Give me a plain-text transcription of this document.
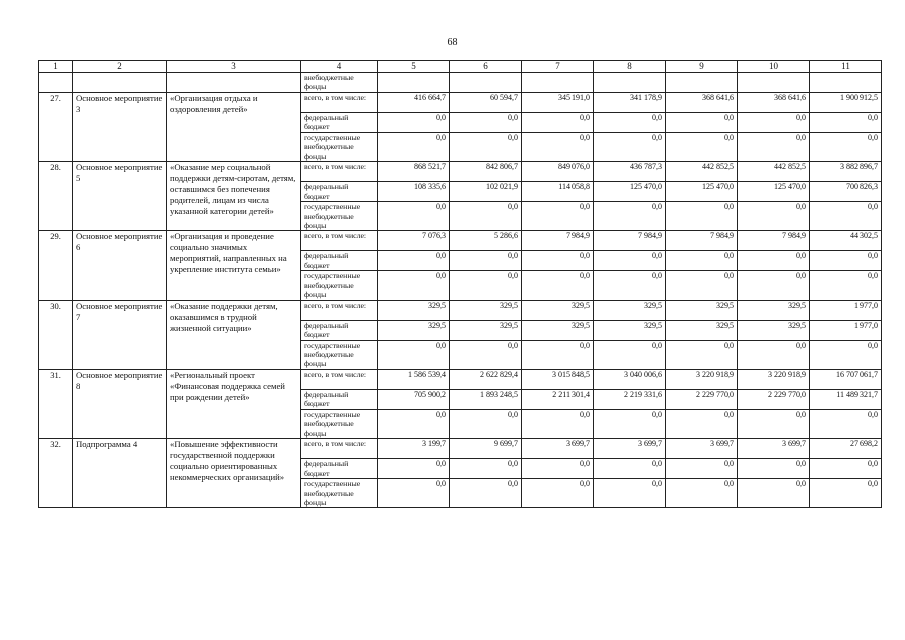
68
1	2	3	4	5	6	7	8	9	10	11
			внебюджетные фонды							
27.	Основное мероприятие 3	«Организация отдыха и оздоровления детей»	всего, в том числе:	416 664,7	60 594,7	345 191,0	341 178,9	368 641,6	368 641,6	1 900 912,5
			федеральный бюджет	0,0	0,0	0,0	0,0	0,0	0,0	0,0
			государственные внебюджетные фонды	0,0	0,0	0,0	0,0	0,0	0,0	0,0
28.	Основное мероприятие 5	«Оказание мер социальной поддержки детям-сиротам, детям, оставшимся без попечения родителей, лицам из числа указанной категории детей»	всего, в том числе:	868 521,7	842 806,7	849 076,0	436 787,3	442 852,5	442 852,5	3 882 896,7
			федеральный бюджет	108 335,6	102 021,9	114 058,8	125 470,0	125 470,0	125 470,0	700 826,3
			государственные внебюджетные фонды	0,0	0,0	0,0	0,0	0,0	0,0	0,0
29.	Основное мероприятие 6	«Организация и проведение социально значимых мероприятий, направленных на укрепление института семьи»	всего, в том числе:	7 076,3	5 286,6	7 984,9	7 984,9	7 984,9	7 984,9	44 302,5
			федеральный бюджет	0,0	0,0	0,0	0,0	0,0	0,0	0,0
			государственные внебюджетные фонды	0,0	0,0	0,0	0,0	0,0	0,0	0,0
30.	Основное мероприятие 7	«Оказание поддержки детям, оказавшимся в трудной жизненной ситуации»	всего, в том числе:	329,5	329,5	329,5	329,5	329,5	329,5	1 977,0
			федеральный бюджет	329,5	329,5	329,5	329,5	329,5	329,5	1 977,0
			государственные внебюджетные фонды	0,0	0,0	0,0	0,0	0,0	0,0	0,0
31.	Основное мероприятие 8	«Региональный проект «Финансовая поддержка семей при рождении детей»	всего, в том числе:	1 586 539,4	2 622 829,4	3 015 848,5	3 040 006,6	3 220 918,9	3 220 918,9	16 707 061,7
			федеральный бюджет	705 900,2	1 893 248,5	2 211 301,4	2 219 331,6	2 229 770,0	2 229 770,0	11 489 321,7
			государственные внебюджетные фонды	0,0	0,0	0,0	0,0	0,0	0,0	0,0
32.	Подпрограмма 4	«Повышение эффективности государственной поддержки социально ориентированных некоммерческих организаций»	всего, в том числе:	3 199,7	9 699,7	3 699,7	3 699,7	3 699,7	3 699,7	27 698,2
			федеральный бюджет	0,0	0,0	0,0	0,0	0,0	0,0	0,0
			государственные внебюджетные фонды	0,0	0,0	0,0	0,0	0,0	0,0	0,0
